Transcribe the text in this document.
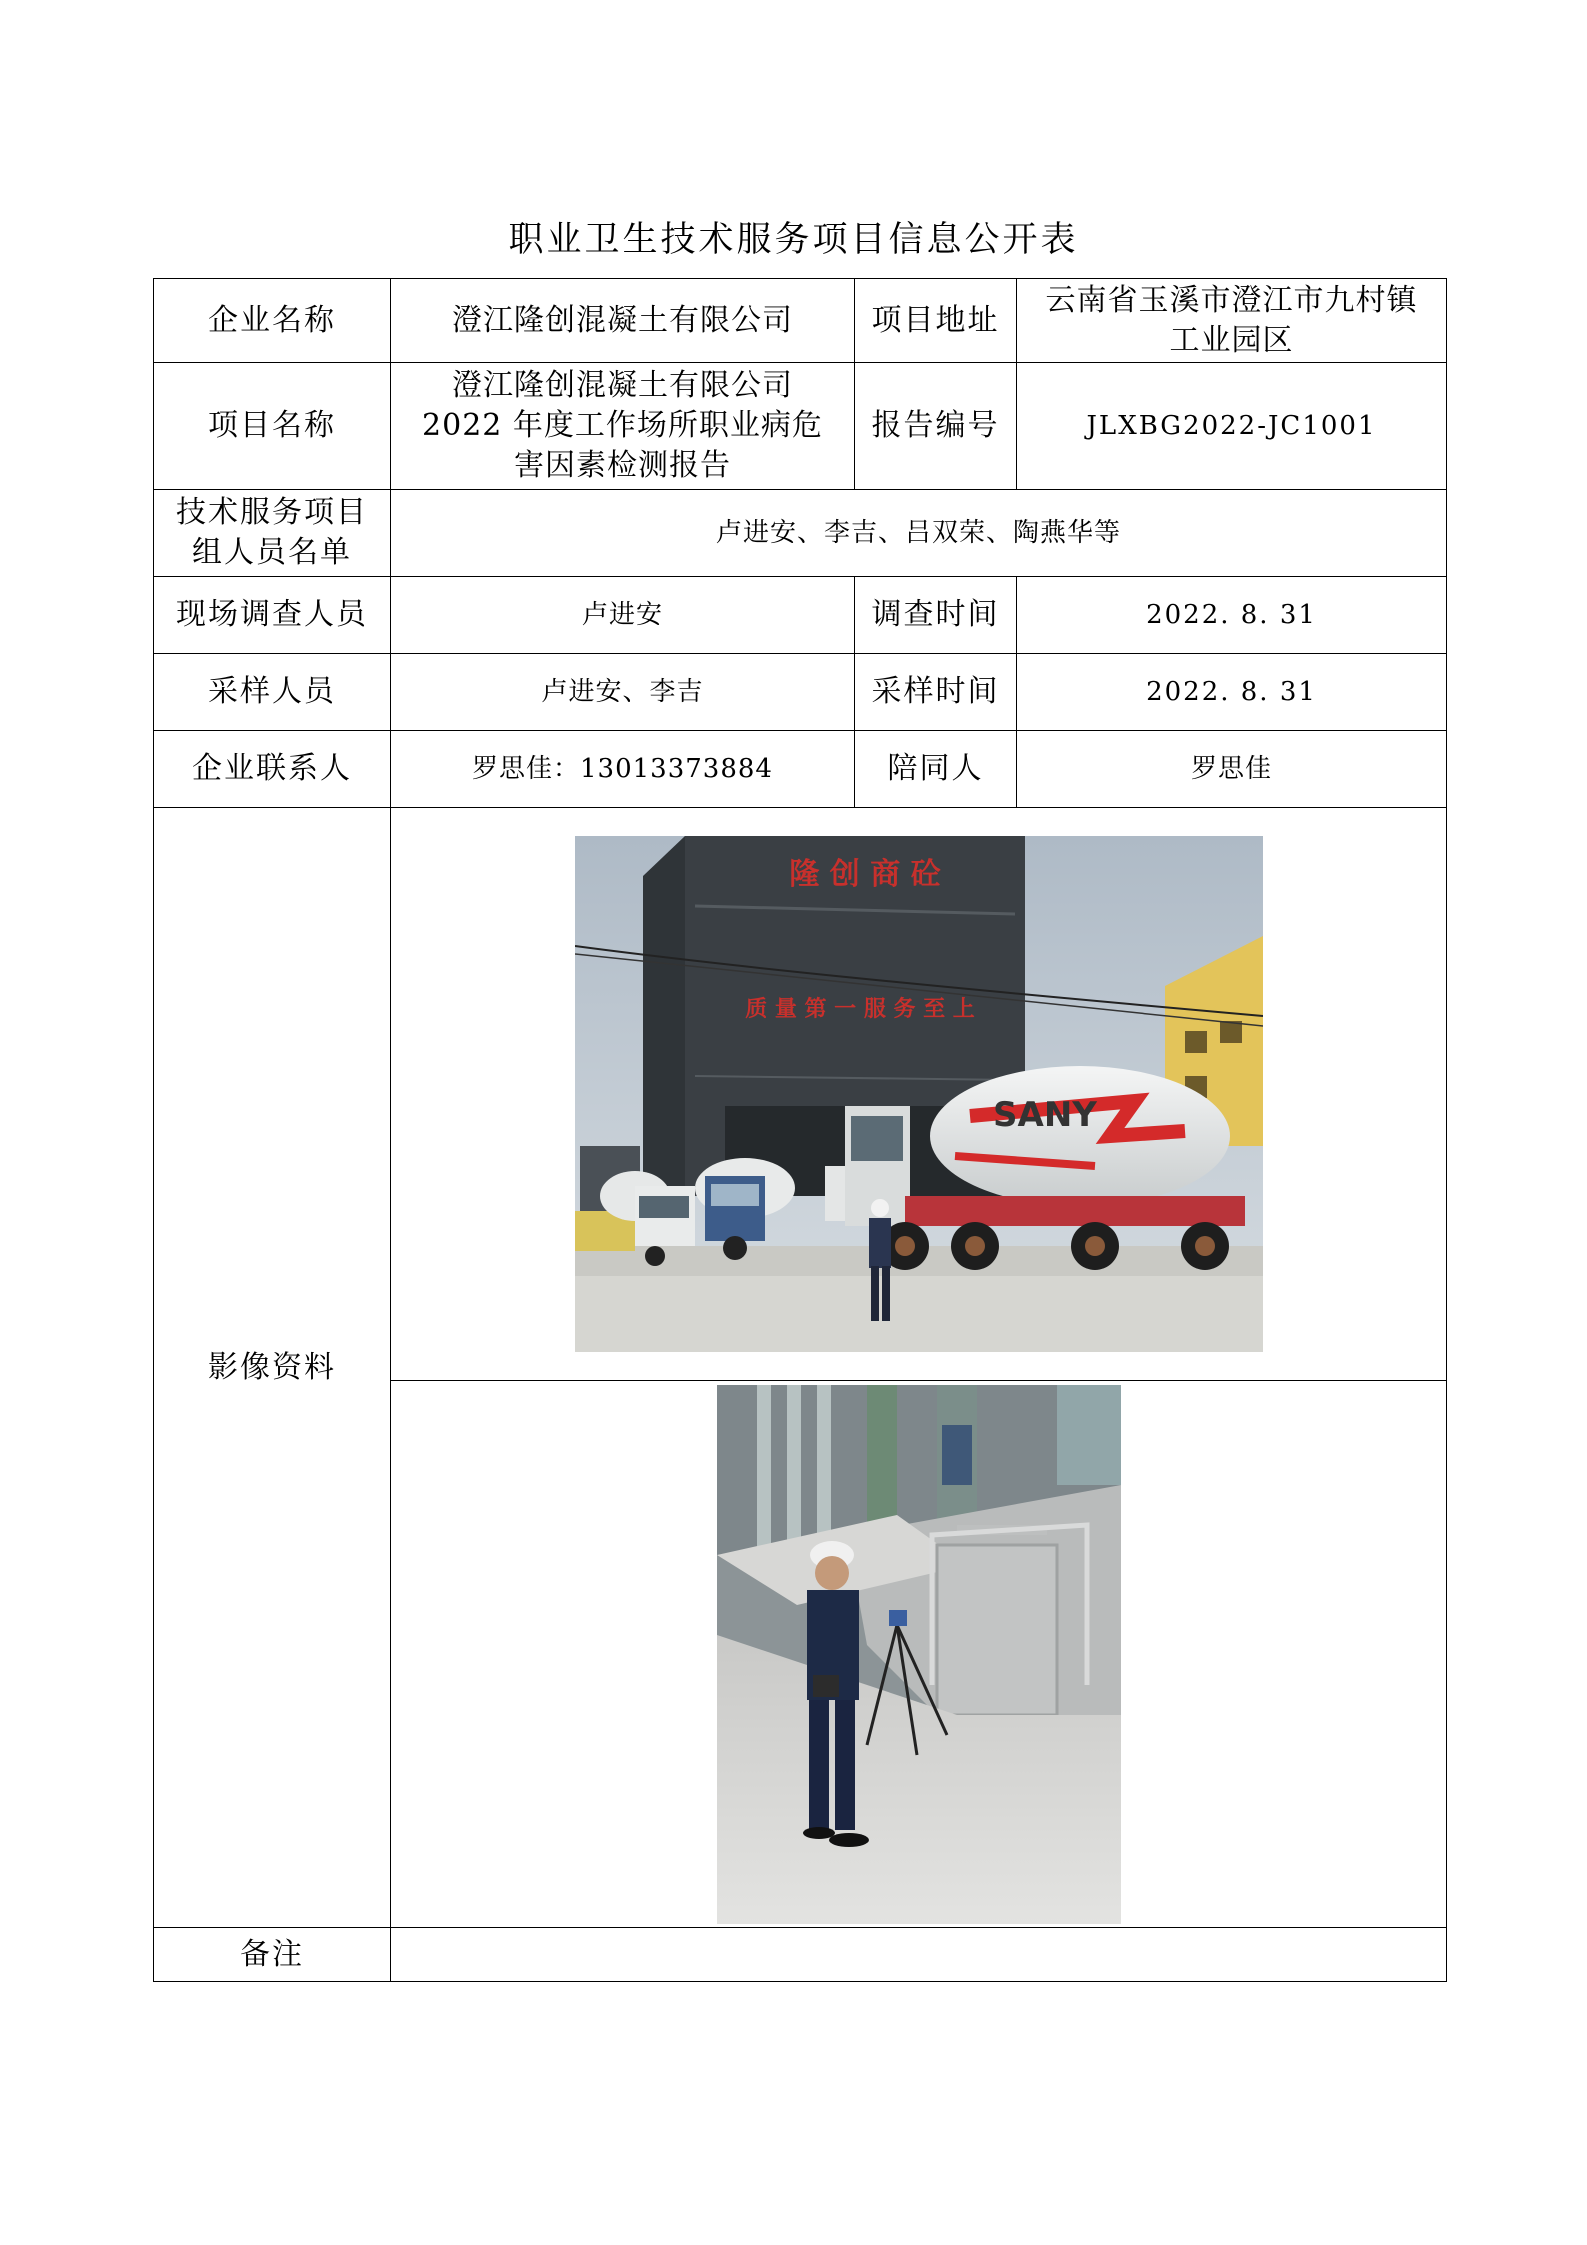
职业卫生技术服务项目信息公开表
企业名称	澄江隆创混凝土有限公司	项目地址	云南省玉溪市澄江市九村镇工业园区
项目名称	澄江隆创混凝土有限公司 2022 年度工作场所职业病危害因素检测报告	报告编号	JLXBG2022-JC1001
技术服务项目组人员名单	卢进安、李吉、吕双荣、陶燕华等		
现场调查人员	卢进安	调查时间	2022. 8. 31
采样人员	卢进安、李吉	采样时间	2022. 8. 31
企业联系人	罗思佳：13013373884	陪同人	罗思佳
影像资料	隆 创 商 砼
质 量 第 一 服 务 至 上
SANY		

备注			
